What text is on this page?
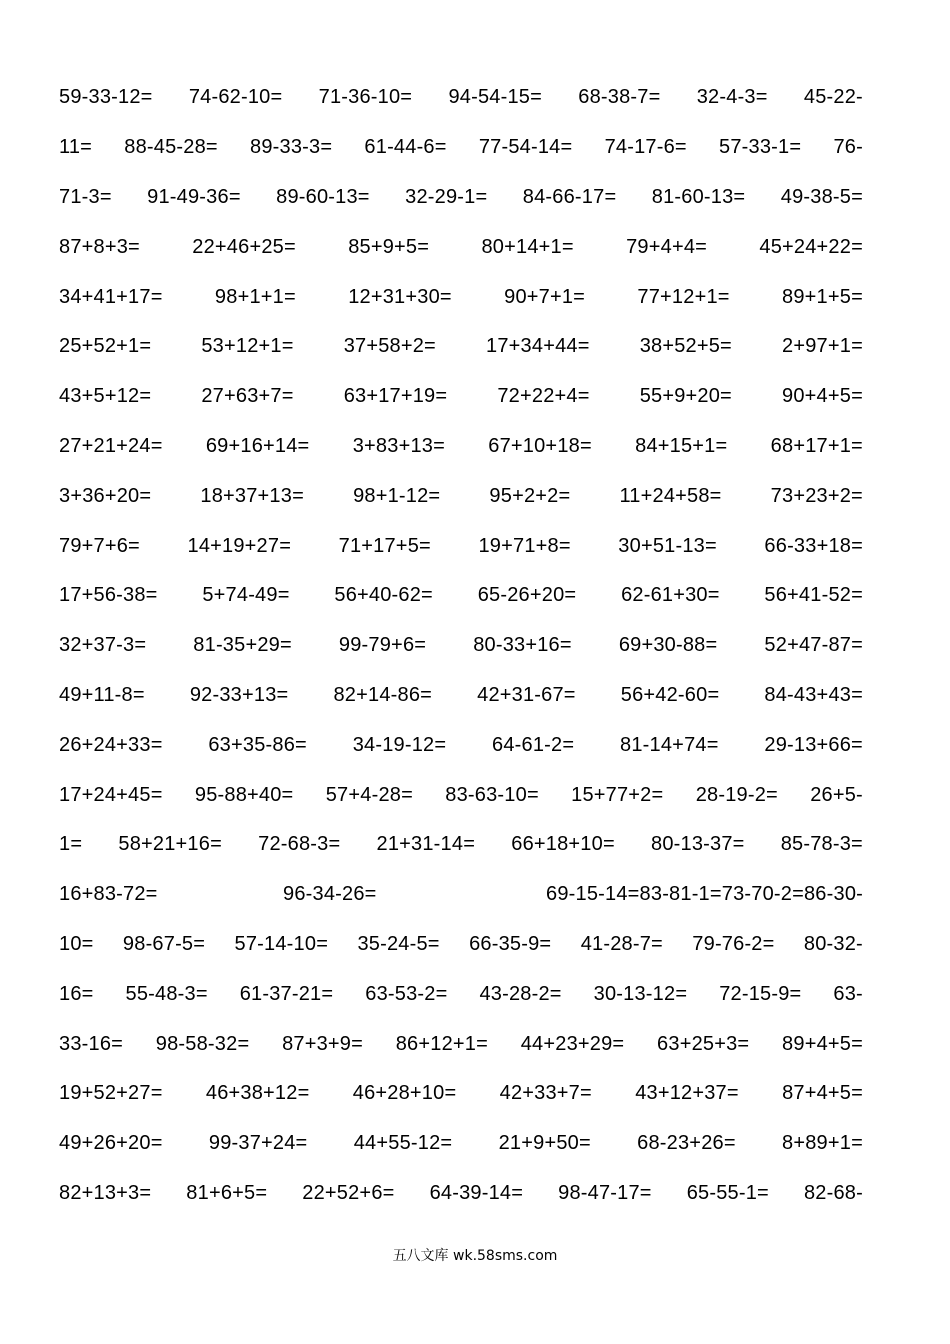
59-33-12= 74-62-10= 71-36-10= 94-54-15= 68-38-7= 32-4-3= 45-22-
11= 88-45-28= 89-33-3= 61-44-6= 77-54-14= 74-17-6= 57-33-1= 76-
71-3= 91-49-36= 89-60-13= 32-29-1= 84-66-17= 81-60-13= 49-38-5=
87+8+3=	22+46+25=	85+9+5=	80+14+1=	79+4+4=	45+24+22=
34+41+17=	98+1+1=	12+31+30=	90+7+1=	77+12+1=	89+1+5=
25+52+1=	53+12+1=	37+58+2=	17+34+44=	38+52+5=	2+97+1=
43+5+12=	27+63+7=	63+17+19=	72+22+4=	55+9+20=	90+4+5=
27+21+24= 69+16+14= 3+83+13= 67+10+18= 84+15+1= 68+17+1=
3+36+20= 18+37+13= 98+1-12= 95+2+2= 11+24+58= 73+23+2=
79+7+6= 14+19+27= 71+17+5= 19+71+8= 30+51-13= 66-33+18=
17+56-38= 5+74-49= 56+40-62= 65-26+20= 62-61+30= 56+41-52=
32+37-3= 81-35+29= 99-79+6= 80-33+16= 69+30-88= 52+47-87=
49+11-8= 92-33+13= 82+14-86= 42+31-67= 56+42-60= 84-43+43=
26+24+33= 63+35-86= 34-19-12= 64-61-2= 81-14+74= 29-13+66=
17+24+45= 95-88+40= 57+4-28= 83-63-10= 15+77+2= 28-19-2= 26+5-
1= 58+21+16= 72-68-3= 21+31-14= 66+18+10= 80-13-37= 85-78-3=
16+83-72=	96-34-26=	69-15-14= 83-81-1= 73-70-2= 86-30-
10= 98-67-5= 57-14-10= 35-24-5= 66-35-9= 41-28-7= 79-76-2= 80-32-
16= 55-48-3= 61-37-21= 63-53-2= 43-28-2= 30-13-12= 72-15-9= 63-
33-16= 98-58-32= 87+3+9= 86+12+1= 44+23+29= 63+25+3= 89+4+5=
19+52+27= 46+38+12= 46+28+10= 42+33+7= 43+12+37= 87+4+5=
49+26+20= 99-37+24= 44+55-12= 21+9+50= 68-23+26= 8+89+1=
82+13+3= 81+6+5= 22+52+6= 64-39-14= 98-47-17= 65-55-1= 82-68-
五八文库 wk.58sms.com
